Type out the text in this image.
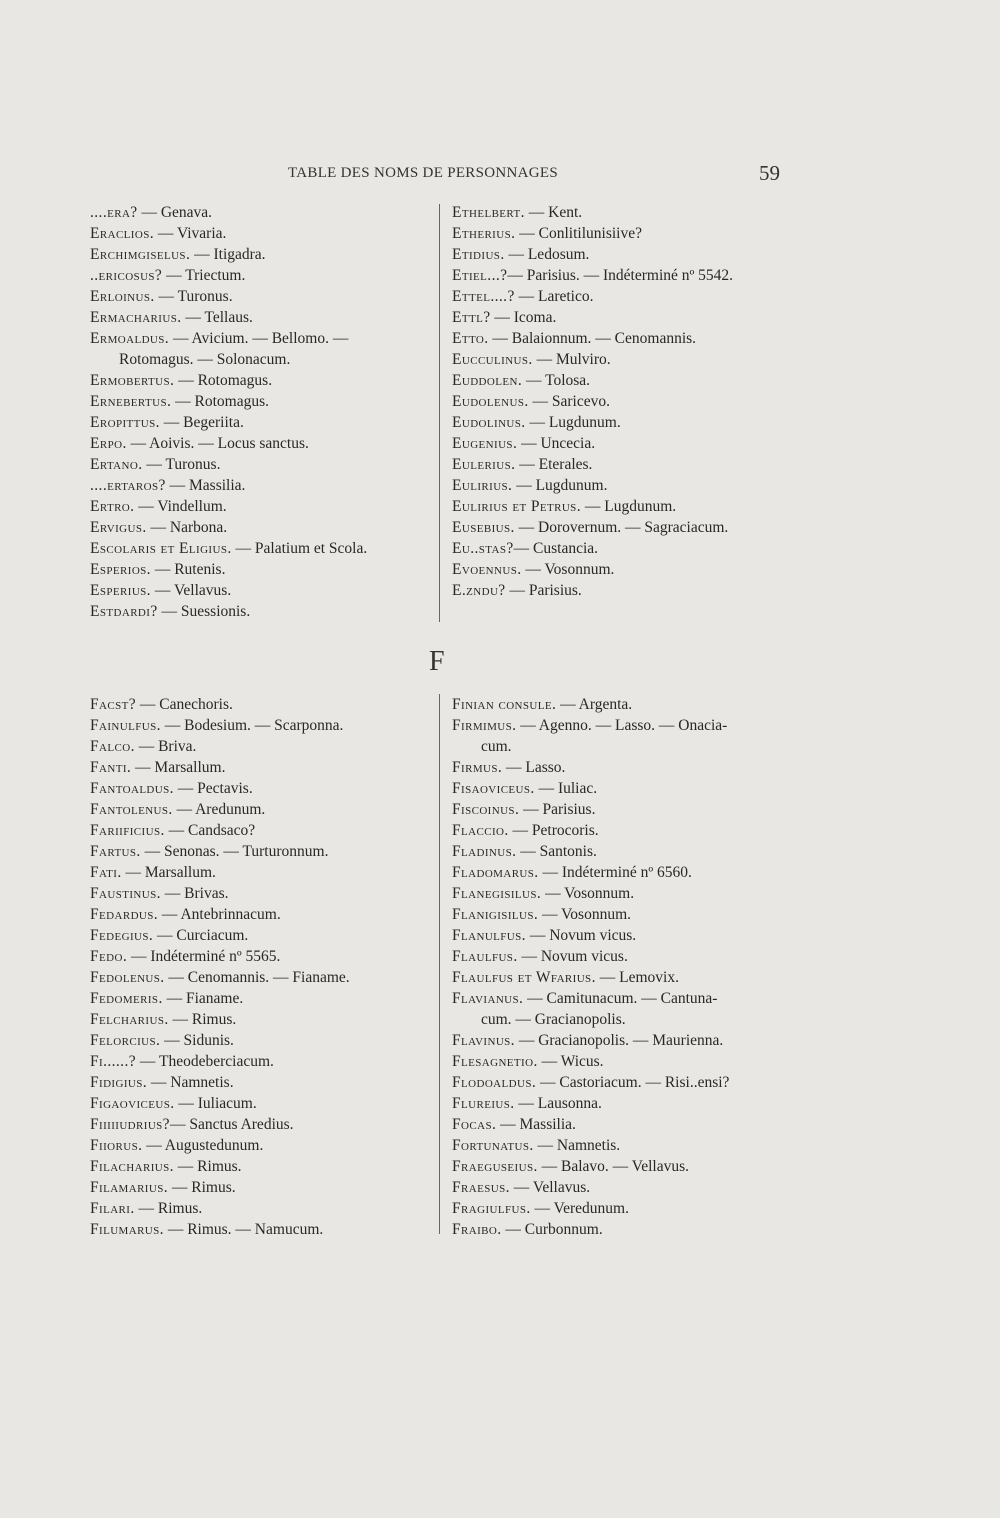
TABLE DES NOMS DE PERSONNAGES	59
....era? — Genava.
Eraclios. — Vivaria.
Erchimgiselus. — Itigadra.
..ericosus? — Triectum.
Erloinus. — Turonus.
Ermacharius. — Tellaus.
Ermoaldus. — Avicium. — Bellomo. —
Rotomagus. — Solonacum.
Ermobertus. — Rotomagus.
Ernebertus. — Rotomagus.
Eropittus. — Begeriita.
Erpo. — Aoivis. — Locus sanctus.
Ertano. — Turonus.
....ertaros? — Massilia.
Ertro. — Vindellum.
Ervigus. — Narbona.
Escolaris et Eligius. — Palatium et Scola.
Esperios. — Rutenis.
Esperius. — Vellavus.
Estdardi? — Suessionis.
Ethelbert. — Kent.
Etherius. — Conlitilunisiive?
Etidius. — Ledosum.
Etiel...?— Parisius. — Indéterminé nº 5542.
Ettel....? — Laretico.
Ettl? — Icoma.
Etto. — Balaionnum. — Cenomannis.
Eucculinus. — Mulviro.
Euddolen. — Tolosa.
Eudolenus. — Saricevo.
Eudolinus. — Lugdunum.
Eugenius. — Uncecia.
Eulerius. — Eterales.
Eulirius. — Lugdunum.
Eulirius et Petrus. — Lugdunum.
Eusebius. — Dorovernum. — Sagraciacum.
Eu..stas?— Custancia.
Evoennus. — Vosonnum.
E.zndu? — Parisius.
F
Facst? — Canechoris.
Fainulfus. — Bodesium. — Scarponna.
Falco. — Briva.
Fanti. — Marsallum.
Fantoaldus. — Pectavis.
Fantolenus. — Aredunum.
Fariificius. — Candsaco?
Fartus. — Senonas. — Turturonnum.
Fati. — Marsallum.
Faustinus. — Brivas.
Fedardus. — Antebrinnacum.
Fedegius. — Curciacum.
Fedo. — Indéterminé nº 5565.
Fedolenus. — Cenomannis. — Fianame.
Fedomeris. — Fianame.
Felcharius. — Rimus.
Felorcius. — Sidunis.
Fi......? — Theodeberciacum.
Fidigius. — Namnetis.
Figaoviceus. — Iuliacum.
Fiiiiiudrius?— Sanctus Aredius.
Fiiorus. — Augustedunum.
Filacharius. — Rimus.
Filamarius. — Rimus.
Filari. — Rimus.
Filumarus. — Rimus. — Namucum.
Finian consule. — Argenta.
Firmimus. — Agenno. — Lasso. — Onacia-
cum.
Firmus. — Lasso.
Fisaoviceus. — Iuliac.
Fiscoinus. — Parisius.
Flaccio. — Petrocoris.
Fladinus. — Santonis.
Fladomarus. — Indéterminé nº 6560.
Flanegisilus. — Vosonnum.
Flanigisilus. — Vosonnum.
Flanulfus. — Novum vicus.
Flaulfus. — Novum vicus.
Flaulfus et Wfarius. — Lemovix.
Flavianus. — Camitunacum. — Cantuna-
cum. — Gracianopolis.
Flavinus. — Gracianopolis. — Maurienna.
Flesagnetio. — Wicus.
Flodoaldus. — Castoriacum. — Risi..ensi?
Flureius. — Lausonna.
Focas. — Massilia.
Fortunatus. — Namnetis.
Fraeguseius. — Balavo. — Vellavus.
Fraesus. — Vellavus.
Fragiulfus. — Veredunum.
Fraibo. — Curbonnum.
